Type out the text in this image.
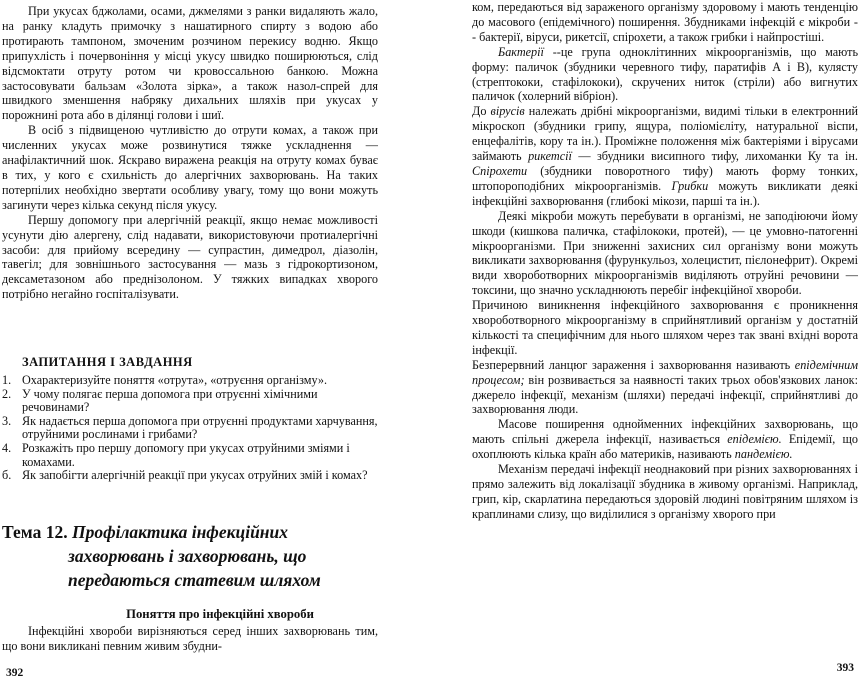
При укусах бджолами, осами, джмелями з ранки видаляють жало, на ранку кладуть примочку з нашатирного спирту з водою або протирають тампоном, змоченим розчином перекису водню. Якщо припухлість і почервоніння у місці укусу швидко поширюються, слід відсмоктати отруту ротом чи кровоссальною банкою. Можна застосовувати бальзам «Золота зірка», а також назол-спрей для швидкого зменшення набряку дихальних шляхів при укусах у порожнині рота або в ділянці голови і шиї.

В осіб з підвищеною чутливістю до отрути комах, а також при численних укусах може розвинутися тяжке ускладнення — анафілактичний шок. Яскраво виражена реакція на отруту комах буває в тих, у кого є схильність до алергічних захворювань. На таких потерпілих необхідно звертати особливу увагу, тому що вони можуть загинути через кілька секунд після укусу.

Першу допомогу при алергічній реакції, якщо немає можливості усунути дію алергену, слід надавати, використовуючи протиалергічні засоби: для прийому всередину — супрастин, димедрол, діазолін, тавегіл; для зовнішнього застосування — мазь з гідрокортизоном, дексаметазоном або преднізолоном. У тяжких випадках хворого потрібно негайно госпіталізувати.

ЗАПИТАННЯ І ЗАВДАННЯ
1. Охарактеризуйте поняття «отрута», «отруєння організму».
2. У чому полягає перша допомога при отруєнні хімічними речовинами?
3. Як надається перша допомога при отруєнні продуктами харчування, отруйними рослинами і грибами?
4. Розкажіть про першу допомогу при укусах отруйними зміями і комахами.
б. Як запобігти алергічній реакції при укусах отруйних змій і комах?
Тема 12. Профілактика інфекційних
захворювань і захворювань, що
передаються статевим шляхом
Поняття про інфекційні хвороби

Інфекційні хвороби вирізняються серед інших захворювань тим, що вони викликані певним живим збудни-

392

ком, передаються від зараженого організму здоровому і мають тенденцію до масового (епідемічного) поширення. Збудниками інфекцій є мікроби - - бактерії, віруси, рикетсії, спірохети, а також грибки і найпростіші.

Бактерії --це група одноклітинних мікроорганізмів, що мають форму: паличок (збудники черевного тифу, паратифів А і В), кулясту (стрептококи, стафілококи), скручених ниток (стріли) або вигнутих паличок (холерний вібріон).

До вірусів належать дрібні мікроорганізми, видимі тільки в електронний мікроскоп (збудники грипу, ящура, поліомієліту, натуральної віспи, енцефалітів, кору та ін.). Проміжне положення між бактеріями і вірусами займають рикетсії — збудники висипного тифу, лихоманки Ку та ін. Спірохети (збудники поворотного тифу) мають форму тонких, штопороподібних мікроорганізмів. Грибки можуть викликати деякі інфекційні захворювання (глибокі мікози, парші та ін.).

Деякі мікроби можуть перебувати в організмі, не заподіюючи йому шкоди (кишкова паличка, стафілококи, протей), — це умовно-патогенні мікроорганізми. При зниженні захисних сил організму вони можуть викликати захворювання (фурункульоз, холецистит, пієлонефрит). Окремі види хвороботворних мікроорганізмів виділяють отруйні речовини — токсини, що значно ускладнюють перебіг інфекційної хвороби.

Причиною виникнення інфекційного захворювання є проникнення хвороботворного мікроорганізму в сприйнятливий організм у достатній кількості та специфічним для нього шляхом через так звані вхідні ворота інфекції.

Безперервний ланцюг зараження і захворювання називають епідемічним процесом; він розвивається за наявності таких трьох обов'язкових ланок: джерело інфекції, механізм (шляхи) передачі інфекції, сприйнятливі до захворювання люди.

Масове поширення однойменних інфекційних захворювань, що мають спільні джерела інфекції, називається епідемією. Епідемії, що охоплюють кілька країн або материків, називають пандемією.

Механізм передачі інфекції неоднаковий при різних захворюваннях і прямо залежить від локалізації збудника в живому організмі. Наприклад, грип, кір, скарлатина передаються здоровій людині повітряним шляхом із краплинами слизу, що виділилися з організму хворого при

393
